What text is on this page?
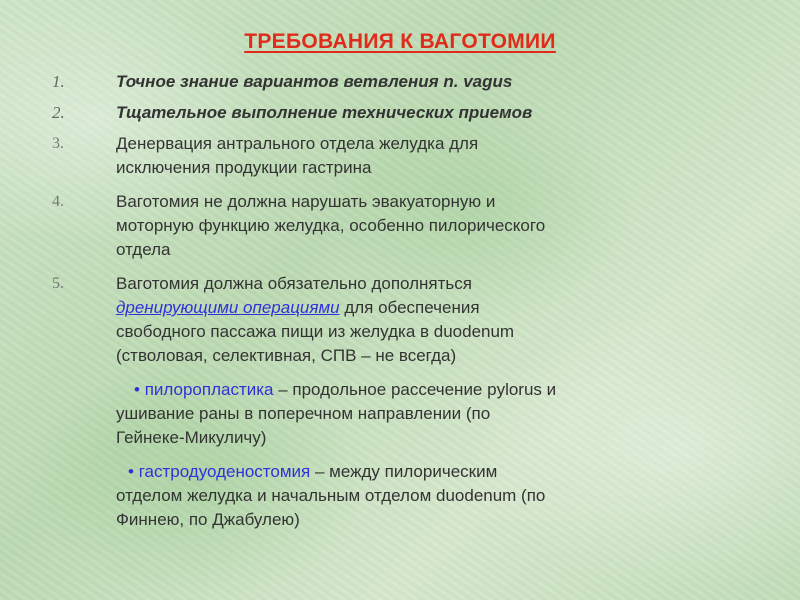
ТРЕБОВАНИЯ К ВАГОТОМИИ
1.	Точное знание вариантов ветвления n. vagus
2.	Тщательное выполнение технических приемов
3.	Денервация антрального отдела желудка для
исключения продукции гастрина
4.	Ваготомия не должна нарушать эвакуаторную и
моторную функцию желудка, особенно пилорического
отдела
5.	Ваготомия должна обязательно дополняться
дренирующими операциями для обеспечения
свободного пассажа пищи из желудка в duodenum
(стволовая, селективная, СПВ – не всегда)
• пилоропластика – продольное рассечение pylorus и
ушивание раны в поперечном направлении (по
Гейнеке-Микуличу)
• гастродуоденостомия – между пилорическим
отделом желудка и начальным отделом duodenum (по
Финнею, по Джабулею)
